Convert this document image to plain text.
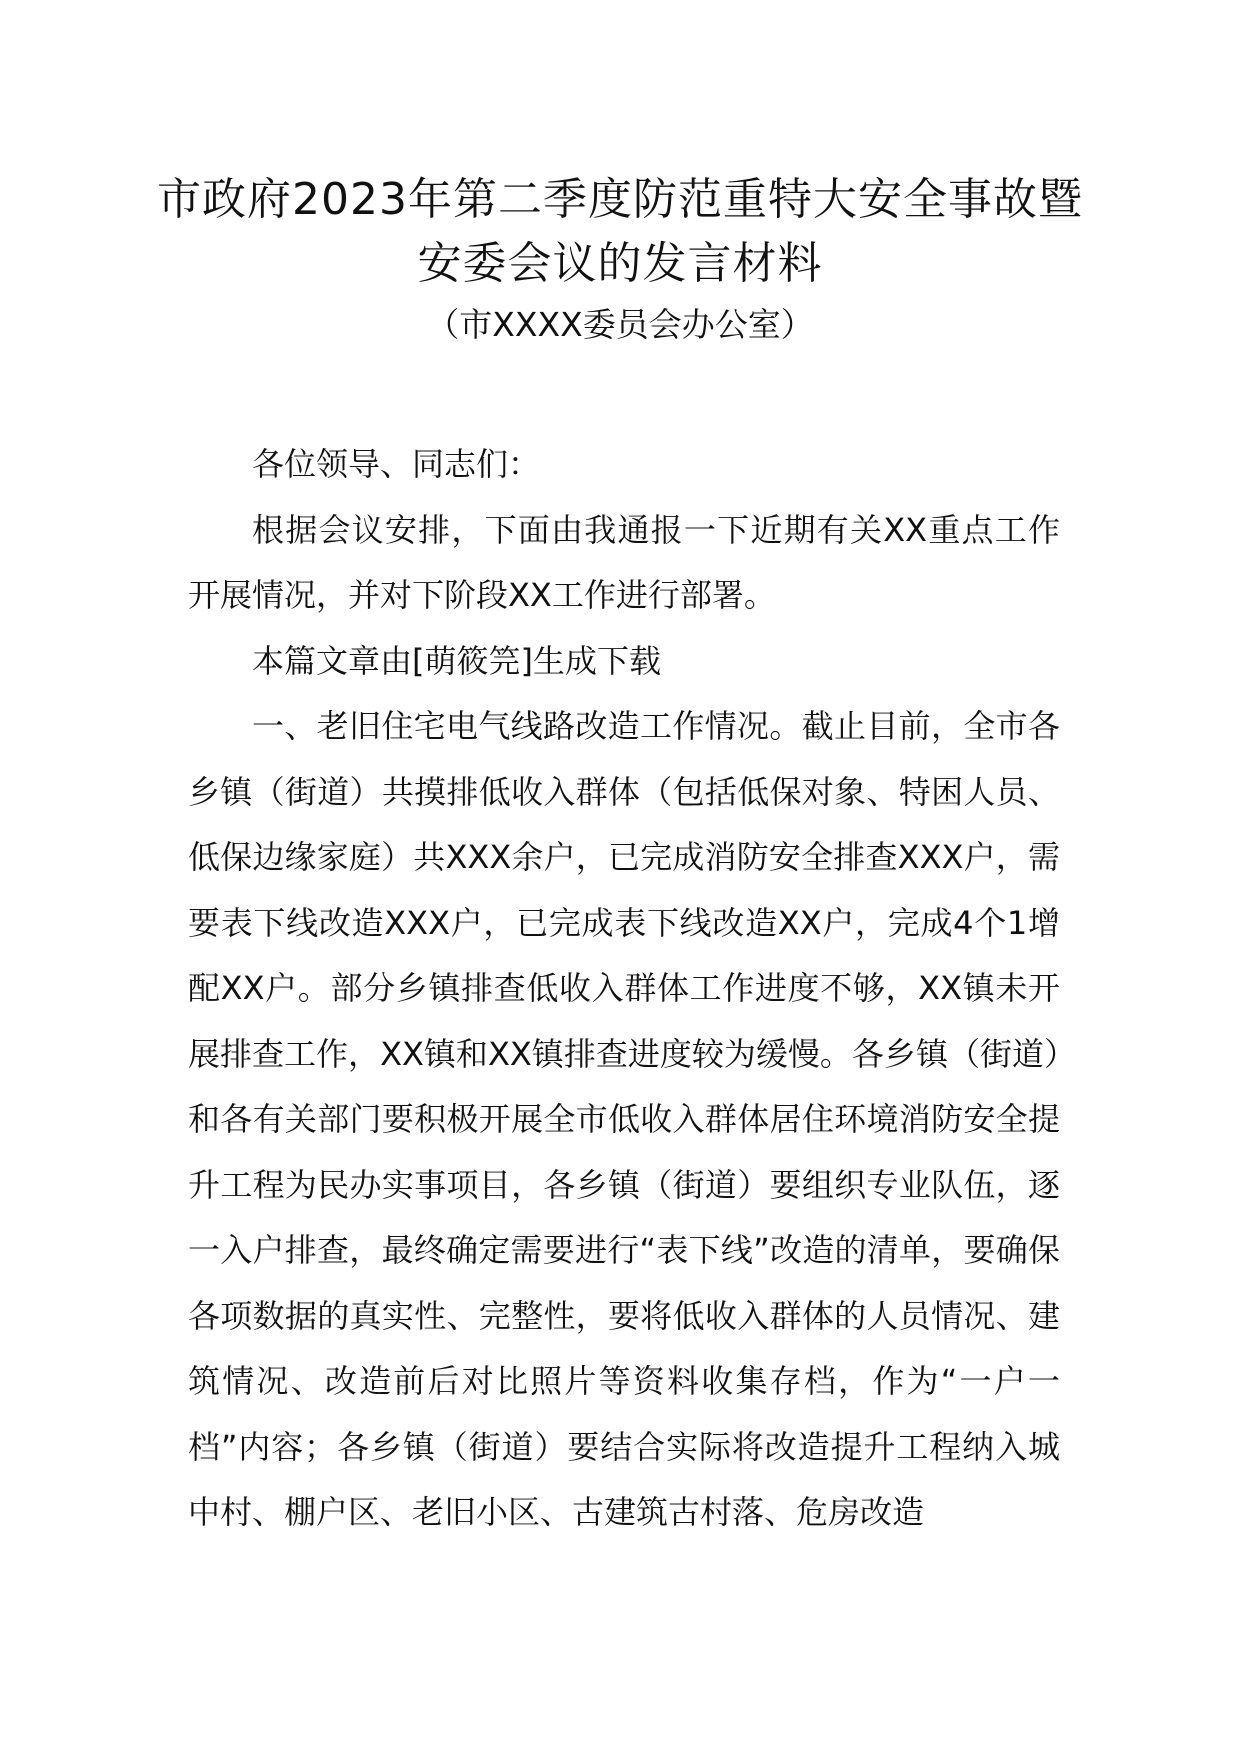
市政府2023年第二季度防范重特大安全事故暨安委会议的发言材料
（市XXXX委员会办公室）

各位领导、同志们：

根据会议安排，下面由我通报一下近期有关XX重点工作开展情况，并对下阶段XX工作进行部署。

本篇文章由[萌筱笎]生成下载

一、老旧住宅电气线路改造工作情况。截止目前，全市各乡镇（街道）共摸排低收入群体（包括低保对象、特困人员、低保边缘家庭）共XXX余户，已完成消防安全排查XXX户，需要表下线改造XXX户，已完成表下线改造XX户，完成4个1增配XX户。部分乡镇排查低收入群体工作进度不够，XX镇未开展排查工作，XX镇和XX镇排查进度较为缓慢。各乡镇（街道）和各有关部门要积极开展全市低收入群体居住环境消防安全提升工程为民办实事项目，各乡镇（街道）要组织专业队伍，逐一入户排查，最终确定需要进行“表下线”改造的清单，要确保各项数据的真实性、完整性，要将低收入群体的人员情况、建筑情况、改造前后对比照片等资料收集存档，作为“一户一档”内容；各乡镇（街道）要结合实际将改造提升工程纳入城中村、棚户区、老旧小区、古建筑古村落、危房改造
